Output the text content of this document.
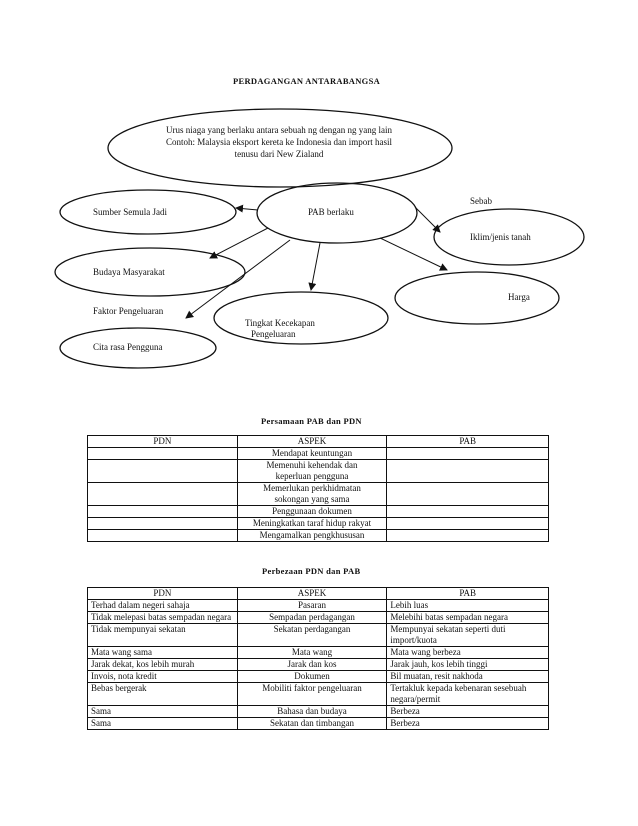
PERDAGANGAN ANTARABANGSA
Urus niaga yang berlaku antara sebuah ng dengan ng yang lain
Contoh: Malaysia eksport kereta ke Indonesia dan import hasil
tenusu dari New Zialand
PAB berlaku
Sebab
Sumber Semula Jadi
Iklim/jenis tanah
Budaya Masyarakat
Harga
Faktor Pengeluaran
Tingkat Kecekapan
Pengeluaran
Cita rasa Pengguna
Persamaan PAB dan PDN
PDN	ASPEK	PAB
	Mendapat keuntungan	

	Memenuhi kehendak dan
keperluan pengguna	

	Memerlukan perkhidmatan
sokongan yang sama	

	Penggunaan dokumen	
	Meningkatkan taraf hidup rakyat	
	Mengamalkan pengkhususan	
Perbezaan PDN dan PAB
PDN	ASPEK	PAB
Terhad dalam negeri sahaja	Pasaran	Lebih luas
Tidak melepasi batas sempadan negara	Sempadan perdagangan	Melebihi batas sempadan negara
Tidak mempunyai sekatan	Sekatan perdagangan	Mempunyai sekatan seperti duti import/kuota
Mata wang sama	Mata wang	Mata wang berbeza
Jarak dekat, kos lebih murah	Jarak dan kos	Jarak jauh, kos lebih tinggi
Invois, nota kredit	Dokumen	Bil muatan, resit nakhoda
Bebas bergerak	Mobiliti faktor pengeluaran	Tertakluk kepada kebenaran sesebuah negara/permit
Sama	Bahasa dan budaya	Berbeza
Sama	Sekatan dan timbangan	Berbeza
